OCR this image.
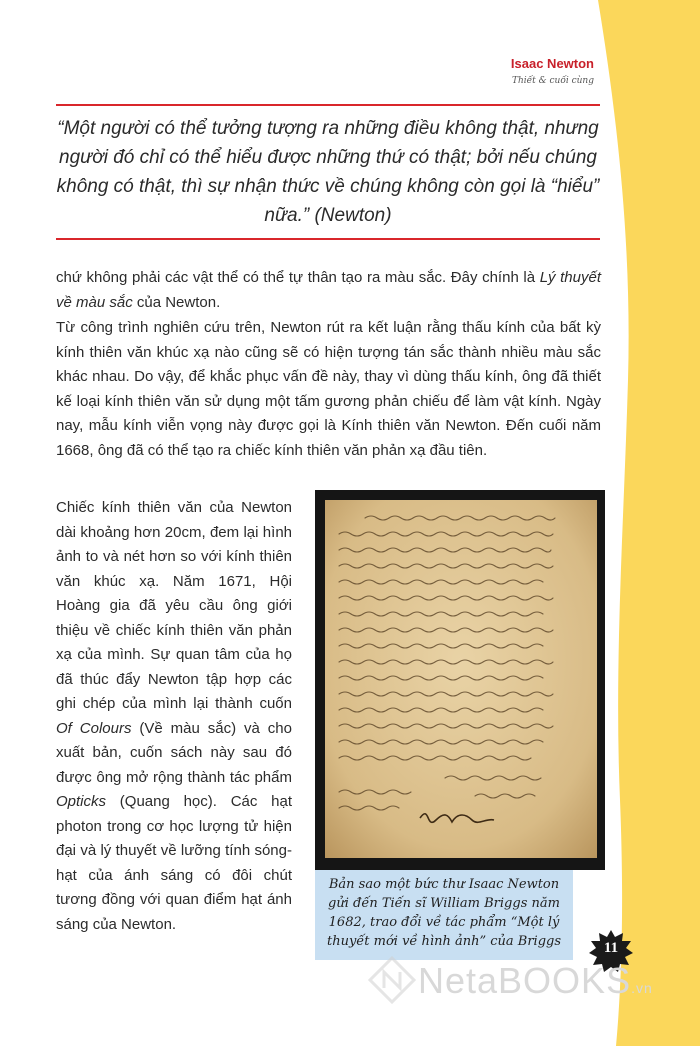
Isaac Newton
Thiết & cuối cùng
“Một người có thể tưởng tượng ra những điều không thật, nhưng người đó chỉ có thể hiểu được những thứ có thật; bởi nếu chúng không có thật, thì sự nhận thức về chúng không còn gọi là “hiểu” nữa.” (Newton)

chứ không phải các vật thể có thể tự thân tạo ra màu sắc. Đây chính là Lý thuyết về màu sắc của Newton.

Từ công trình nghiên cứu trên, Newton rút ra kết luận rằng thấu kính của bất kỳ kính thiên văn khúc xạ nào cũng sẽ có hiện tượng tán sắc thành nhiều màu sắc khác nhau. Do vậy, để khắc phục vấn đề này, thay vì dùng thấu kính, ông đã thiết kế loại kính thiên văn sử dụng một tấm gương phản chiếu để làm vật kính. Ngày nay, mẫu kính viễn vọng này được gọi là Kính thiên văn Newton. Đến cuối năm 1668, ông đã có thể tạo ra chiếc kính thiên văn phản xạ đầu tiên.

Chiếc kính thiên văn của Newton dài khoảng hơn 20cm, đem lại hình ảnh to và nét hơn so với kính thiên văn khúc xạ. Năm 1671, Hội Hoàng gia đã yêu cầu ông giới thiệu về chiếc kính thiên văn phản xạ của mình. Sự quan tâm của họ đã thúc đẩy Newton tập hợp các ghi chép của mình lại thành cuốn Of Colours (Về màu sắc) và cho xuất bản, cuốn sách này sau đó được ông mở rộng thành tác phẩm Opticks (Quang học). Các hạt photon trong cơ học lượng tử hiện đại và lý thuyết về lưỡng tính sóng-hạt của ánh sáng có đôi chút tương đồng với quan điểm hạt ánh sáng của Newton.
Bản sao một bức thư Isaac Newton gửi đến Tiến sĩ William Briggs năm 1682, trao đổi về tác phẩm “Một lý thuyết mới về hình ảnh” của Briggs	11
NetaBOOKS.vn
